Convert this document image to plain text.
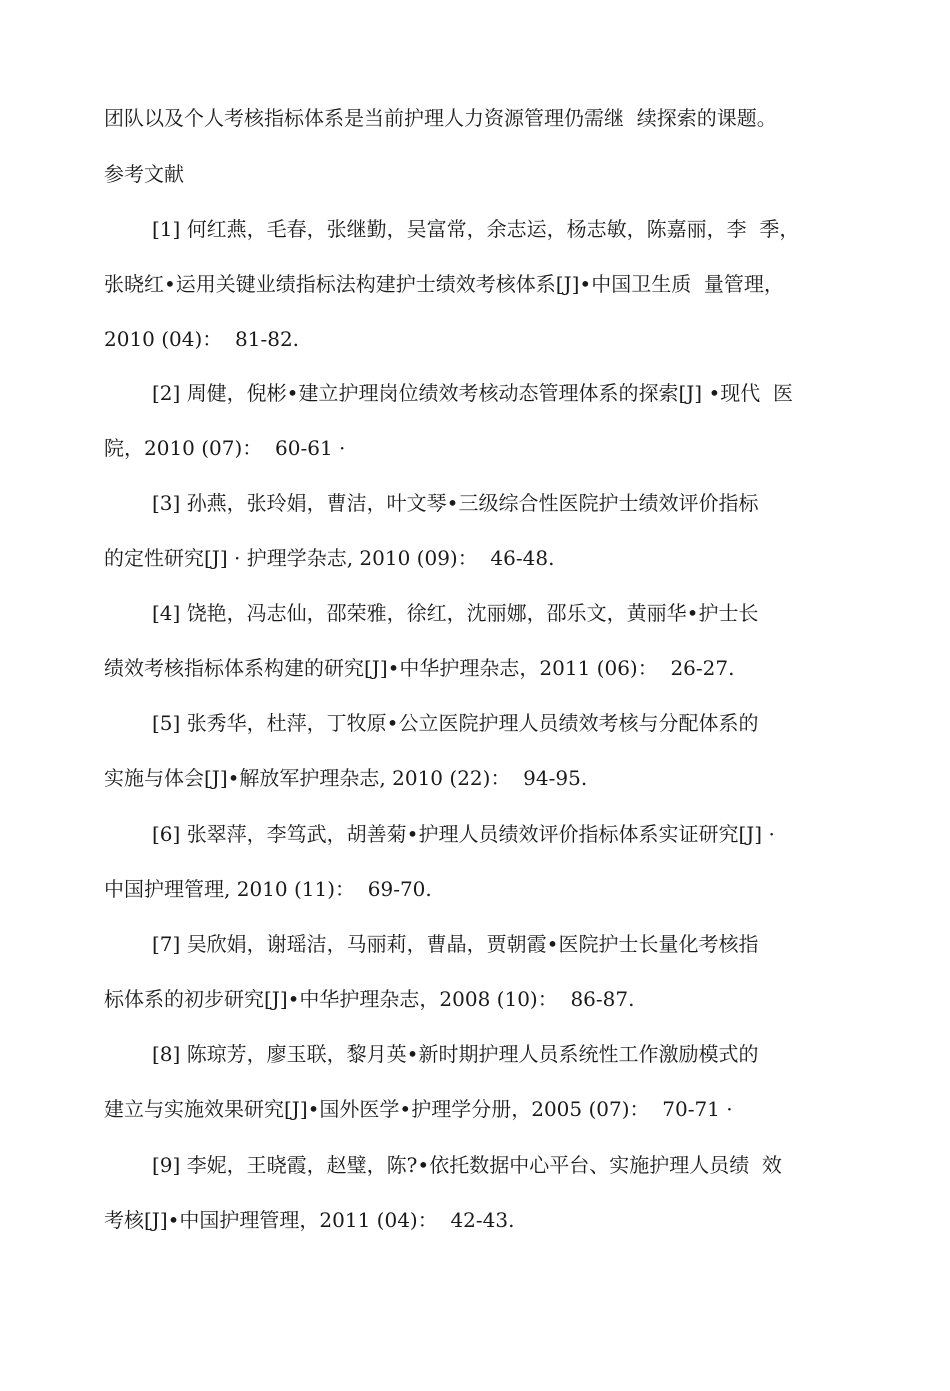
团队以及个人考核指标体系是当前护理人力资源管理仍需继  续探索的课题。
参考文献
[1] 何红燕，毛春，张继勤，吴富常，余志运，杨志敏，陈嘉丽，李  季，
张晓红•运用关键业绩指标法构建护士绩效考核体系[J]•中国卫生质  量管理，
2010 (04)：  81-82.
[2] 周健，倪彬•建立护理岗位绩效考核动态管理体系的探索[J] •现代  医
院，2010 (07)：  60-61 ·
[3] 孙燕，张玲娟，曹洁，叶文琴•三级综合性医院护士绩效评价指标
的定性研究[J] · 护理学杂志, 2010 (09)：  46-48.
[4] 饶艳，冯志仙，邵荣雅，徐红，沈丽娜，邵乐文，黄丽华•护士长
绩效考核指标体系构建的研究[J]•中华护理杂志，2011 (06)：  26-27.
[5] 张秀华，杜萍，丁牧原•公立医院护理人员绩效考核与分配体系的
实施与体会[J]•解放军护理杂志, 2010 (22)：  94-95.
[6] 张翠萍，李笃武，胡善菊•护理人员绩效评价指标体系实证研究[J] ·
中国护理管理, 2010 (11)：  69-70.
[7] 吴欣娟，谢瑶洁，马丽莉，曹晶，贾朝霞•医院护士长量化考核指
标体系的初步研究[J]•中华护理杂志，2008 (10)：  86-87.
[8] 陈琼芳，廖玉联，黎月英•新时期护理人员系统性工作激励模式的
建立与实施效果研究[J]•国外医学•护理学分册，2005 (07)：  70-71 ·
[9] 李妮，王晓霞，赵璧，陈?•依托数据中心平台、实施护理人员绩  效
考核[J]•中国护理管理，2011 (04)：  42-43.
